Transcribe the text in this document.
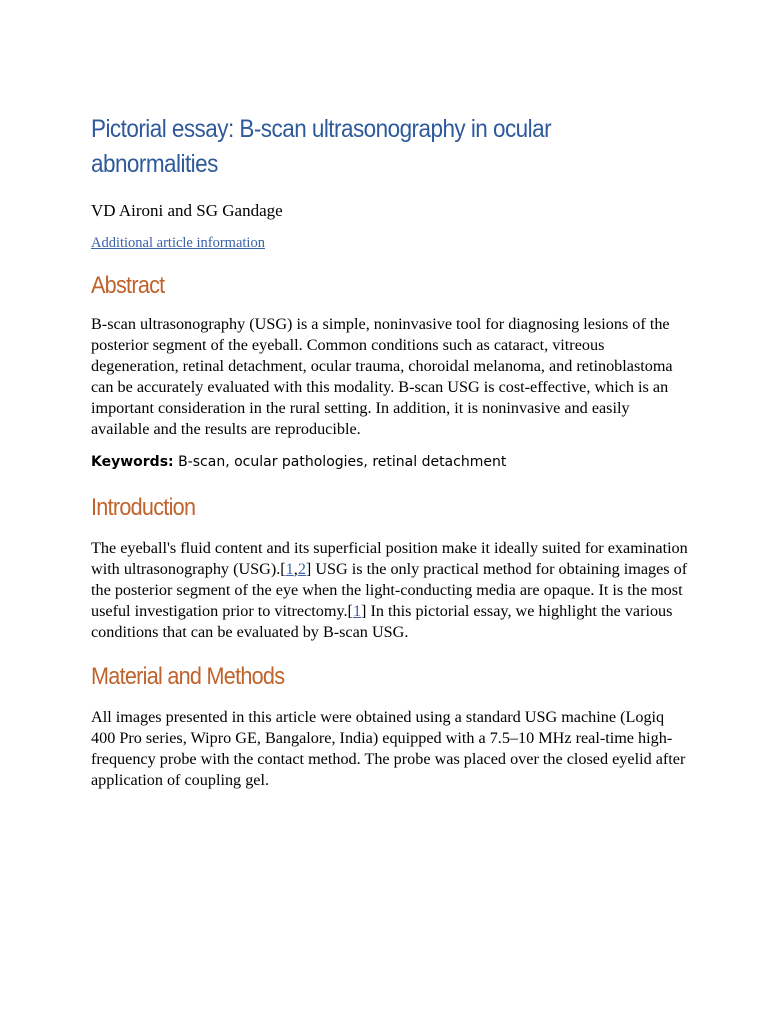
Pictorial essay: B-scan ultrasonography in ocular abnormalities

VD Aironi and SG Gandage

Additional article information
Abstract

B-scan ultrasonography (USG) is a simple, noninvasive tool for diagnosing lesions of the posterior segment of the eyeball. Common conditions such as cataract, vitreous degeneration, retinal detachment, ocular trauma, choroidal melanoma, and retinoblastoma can be accurately evaluated with this modality. B-scan USG is cost-effective, which is an important consideration in the rural setting. In addition, it is noninvasive and easily available and the results are reproducible.

Keywords: B-scan, ocular pathologies, retinal detachment

Introduction

The eyeball's fluid content and its superficial position make it ideally suited for examination with ultrasonography (USG).[1,2] USG is the only practical method for obtaining images of the posterior segment of the eye when the light-conducting media are opaque. It is the most useful investigation prior to vitrectomy.[1] In this pictorial essay, we highlight the various conditions that can be evaluated by B-scan USG.

Material and Methods

All images presented in this article were obtained using a standard USG machine (Logiq 400 Pro series, Wipro GE, Bangalore, India) equipped with a 7.5–10 MHz real-time high-frequency probe with the contact method. The probe was placed over the closed eyelid after application of coupling gel.
